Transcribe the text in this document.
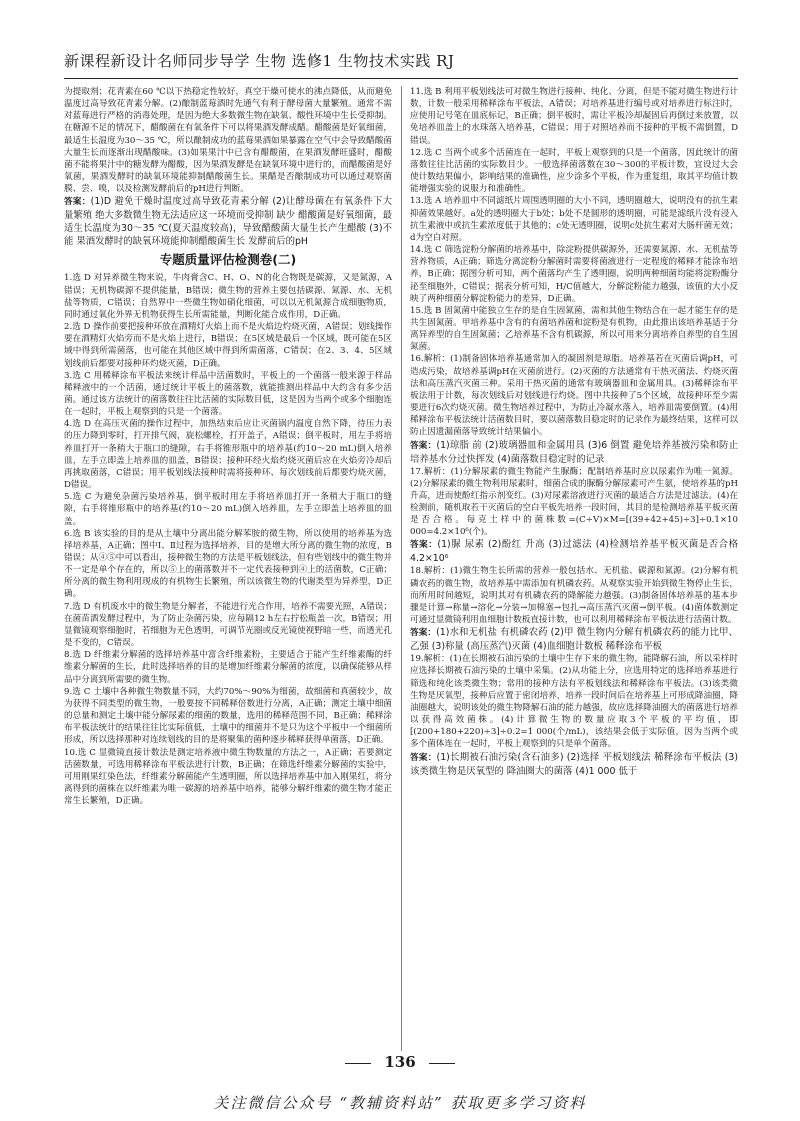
新课程新设计名师同步导学 生物 选修1 生物技术实践 RJ

为提取剂；花青素在60 ℃以下热稳定性较好，真空干燥可使水的沸点降低，从而避免温度过高导致花青素分解。(2)酿制蓝莓酒时先通气有利于酵母菌大量繁殖。通常不需对蓝莓进行严格的消毒处理，是因为绝大多数微生物在缺氧、酸性环境中生长受抑制。在糖源不足的情况下，醋酸菌在有氧条件下可以将果酒发酵成醋。醋酸菌是好氧细菌，最适生长温度为30～35 ℃，所以酿制成功的蓝莓果酒如果暴露在空气中会导致醋酸菌大量生长而逐渐出现醋酸味。(3)如果果汁中已含有醋酸菌，在果酒发酵旺盛时，醋酸菌不能将果汁中的糖发酵为醋酸，因为果酒发酵是在缺氧环境中进行的，而醋酸菌是好氧菌，果酒发酵时的缺氧环境能抑制醋酸菌生长。果醋是否酿制成功可以通过观察菌膜、尝、嗅，以及检测发酵前后的pH进行判断。

答案：(1)D 避免干燥时温度过高导致花青素分解 (2)让酵母菌在有氧条件下大量繁殖 绝大多数微生物无法适应这一环境而受抑制 缺少 醋酸菌是好氧细菌，最适生长温度为30～35 ℃(夏天温度较高)，导致醋酸菌大量生长产生醋酸 (3)不能 果酒发酵时的缺氧环境能抑制醋酸菌生长 发酵前后的pH

专题质量评估检测卷(二)

1.选 D 对异养微生物来说，牛肉膏含C、H、O、N的化合物既是碳源，又是氮源，A错误；无机物碳源不提供能量，B错误；微生物的营养主要包括碳源、氮源、水、无机盐等物质，C错误；自然界中一些微生物如硝化细菌，可以以无机氮源合成细胞物质，同时通过氧化外界无机物获得生长所需能量，判断化能合成作用，D正确。

2.选 D 操作前要把接种环放在酒精灯火焰上而不是火焰边灼烧灭菌，A错误；划线操作要在酒精灯火焰旁而不是火焰上进行，B错误；在5区域是最后一个区域，既可能在5区域中得到所需菌落，也可能在其他区域中得到所需菌落，C错误；在2、3、4、5区域划线前后都要对接种环灼烧灭菌，D正确。

3.选 C 用稀释涂布平板法来统计样品中活菌数时，平板上的一个菌落一般来源于样品稀释液中的一个活菌，通过统计平板上的菌落数，就能推测出样品中大约含有多少活菌。通过该方法统计的菌落数往往比活菌的实际数目低，这是因为当两个或多个细胞连在一起时，平板上观察到的只是一个菌落。

4.选 D 在高压灭菌的操作过程中，加热结束后应让灭菌锅内温度自然下降，待压力表的压力降到零时，打开排气阀，旋松螺栓，打开盖子，A错误；倒平板时，用左手将培养皿打开一条稍大于瓶口的缝隙，右手将锥形瓶中的培养基(约10～20 mL)倒入培养皿，左手立即盖上培养皿的皿盖，B错误；接种环经火焰灼烧灭菌后应在火焰旁冷却后再挑取菌落，C错误；用平板划线法接种时需将接种环、每次划线前后都要灼烧灭菌，D错误。

5.选 C 为避免杂菌污染培养基，倒平板时用左手将培养皿打开一条稍大于瓶口的缝隙，右手将锥形瓶中的培养基(约10～20 mL)倒入培养皿，左手立即盖上培养皿的皿盖。

6.选 B 该实验的目的是从土壤中分离出能分解苯胺的微生物，所以使用的培养基为选择培养基，A正确；图中Ⅰ、Ⅱ过程为选择培养，目的是增大所分离的微生物的浓度，B错误；从④⑤中可以看出，接种微生物的方法是平板划线法，但有些划线中的微生物并不一定是单个存在的，所以⑤上的菌落数并不一定代表接种到④上的活菌数，C正确；所分离的微生物利用现成的有机物生长繁殖，所以该微生物的代谢类型为异养型，D正确。

7.选 D 有机废水中的微生物是分解者，不能进行光合作用，培养不需要光照，A错误；在菌苗酒发酵过程中，为了防止杂菌污染，应每隔12 h左右拧松瓶盖一次，B错误；用显微镜观察细胞时，若细胞为无色透明，可调节光圈或反光镜使视野暗一些，而透光孔是不变的，C错误。

8.选 D 纤维素分解菌的选择培养基中富含纤维素粉，主要适合于能产生纤维素酶的纤维素分解菌的生长，此时选择培养的目的是增加纤维素分解菌的浓度，以确保能够从样品中分离到所需要的微生物。

9.选 C 土壤中各种微生物数量不同，大约70%～90%为细菌，故细菌和真菌较少，故为获得不同类型的微生物，一般要按不同稀释倍数进行分离，A正确；测定土壤中细菌的总量和测定土壤中能分解尿素的细菌的数量，选用的稀释范围不同，B正确；稀释涂布平板法统计的结果往往比实际值低，土壤中的细菌并不是只为这个平板中一个细菌所形成，所以选择那种对连续划线的目的是将聚集的菌种逐步稀释获得单菌落，D正确。

10.选 C 显微镜直接计数法是测定培养液中微生物数量的方法之一，A正确；若要测定活菌数量，可选用稀释涂布平板法进行计数，B正确；在筛选纤维素分解菌的实验中，可用刚果红染色法，纤维素分解菌能产生透明圈，所以选择培养基中加入刚果红，将分离得到的菌株在以纤维素为唯一碳源的培养基中培养，能够分解纤维素的微生物才能正常生长繁殖，D正确。

11.选 B 利用平板划线法可对微生物进行接种、纯化、分离，但是不能对微生物进行计数，计数一般采用稀释涂布平板法，A错误；对培养基进行编号或对培养进行标注时，应使用记号笔在皿底标记，B正确；倒平板时，需让平板冷却凝固后再倒过来放置，以免培养皿盖上的水珠落入培养基，C错误；用于对照培养而不接种的平板不需倒置，D错误。

12.选 C 当两个或多个活菌连在一起时，平板上观察到的只是一个菌落，因此统计的菌落数往往比活菌的实际数目少。一般选择菌落数在30～300的平板计数，宜设过大会使计数结果偏小，影响结果的准确性，应少涂多个平板，作为重复组，取其平均值计数能增强实验的说服力和准确性。

13.选 A 培养皿中不同滤纸片周围透明圈的大小不同，透明圈越大，说明没有的抗生素抑菌效果越好。a处的透明圈大于b处；b处不是圆形的透明圈，可能是滤纸片没有浸入抗生素液中或抗生素浓度低于其他的；c处无透明圈，说明c处抗生素对大肠杆菌无效；d为空白对照。

14.选 C 筛选淀粉分解菌的培养基中，除淀粉提供碳源外，还需要氮源、水、无机盐等营养物质，A正确；筛选分离淀粉分解菌时需要将菌液进行一定程度的稀释才能涂布培养，B正确；据图分析可知，两个菌落均产生了透明圈，说明两种细菌均能将淀粉酶分泌至细胞外，C错误；据表分析可知，H/C值越大，分解淀粉能力越强，该值的大小反映了两种细菌分解淀粉能力的差异，D正确。

15.选 B 固氮菌中能独立生存的是自生固氮菌，需和其他生物结合在一起才能生存的是共生固氮菌。甲培养基中含有的有菌培养菌和淀粉是有机物，由此推出该培养基适于分离异养型的自生固氮菌；乙培养基不含有机碳源，所以可用来分离培养自养型的自生固氮菌。

16.解析：(1)制备固体培养基通常加入的凝固剂是琼脂。培养基若在灭菌后调pH，可造成污染，故培养基调pH在灭菌前进行。(2)灭菌的方法通常有干热灭菌法、灼烧灭菌法和高压蒸汽灭菌三种。采用干热灭菌的通常有玻璃器皿和金属用具。(3)稀释涂布平板法用于计数，每次划线后对划线进行灼烧。图中共接种了5个区域，故接种环至少需要进行6次灼烧灭菌。微生物培养过程中，为防止冷凝水落入，培养皿需要倒置。(4)用稀释涂布平板法统计活菌数目时，要以菌落数目稳定时的记录作为最终结果，这样可以防止因遗漏菌落导致统计结果偏小。

答案：(1)琼脂 前 (2)玻璃器皿和金属用具 (3)6 倒置 避免培养基被污染和防止培养基水分过快挥发 (4)菌落数目稳定时的记录

17.解析：(1)分解尿素的微生物能产生脲酶；配制培养基时应以尿素作为唯一氮源。(2)分解尿素的微生物利用尿素时，细菌合成的脲酶分解尿素可产生氨，使培养基的pH升高，进而使酚红指示剂变红。(3)对尿素溶液进行灭菌的最适合方法是过滤法。(4)在检测前，随机取若干灭菌后的空白平板先培养一段时间，其目的是检测培养基平板灭菌是否合格。每克土样中的菌株数=(C÷V)×M=[(39+42+45)÷3]÷0.1×10 000=4.2×10⁶(个)。

答案：(1)脲 尿素 (2)酚红 升高 (3)过滤法 (4)检测培养基平板灭菌是否合格 4.2×10⁶

18.解析：(1)微生物生长所需的营养一般包括水、无机盐、碳源和氮源。(2)分解有机磷农药的微生物，故培养基中需添加有机磷农药。从观察实验开始到微生物停止生长，而所用时间越短，说明其对有机磷农药的降解能力越强。(3)制备固体培养基的基本步骤是计算→称量→溶化→分装→加棉塞→包扎→高压蒸汽灭菌→倒平板。(4)菌体数测定可通过显微镜利用血细胞计数板直接计数，也可以利用稀释涂布平板法进行活菌计数。

答案：(1)水和无机盐 有机磷农药 (2)甲 微生物内分解有机磷农药的能力比甲、乙强 (3)称量 (高压蒸汽)灭菌 (4)血细胞计数板 稀释涂布平板

19.解析：(1)在长期被石油污染的土壤中生存下来的微生物，能降解石油，所以采样时应选择长期被石油污染的土壤中采集。(2)从功能上分，应选用特定的选择培养基进行筛选和纯化该类微生物；常用的接种方法有平板划线法和稀释涂布平板法。(3)该类微生物是厌氧型，接种后应置于密闭培养，培养一段时间后在培养基上可形成降油圈，降油圈越大，说明该处的微生物降解石油的能力越强，故应选择降油圈大的菌落进行培养以获得高效菌株。(4)计算微生物的数量应取3个平板的平均值，即[(200+180+220)÷3]÷0.2=1 000(个/mL)，该结果会低于实际值，因为当两个或多个菌体连在一起时，平板上观察到的只是单个菌落。

答案：(1)长期被石油污染(含石油多) (2)选择 平板划线法 稀释涂布平板法 (3)该类微生物是厌氧型的 降油圈大的菌落 (4)1 000 低于

136
关注微信公众号 “教辅资料站” 获取更多学习资料
